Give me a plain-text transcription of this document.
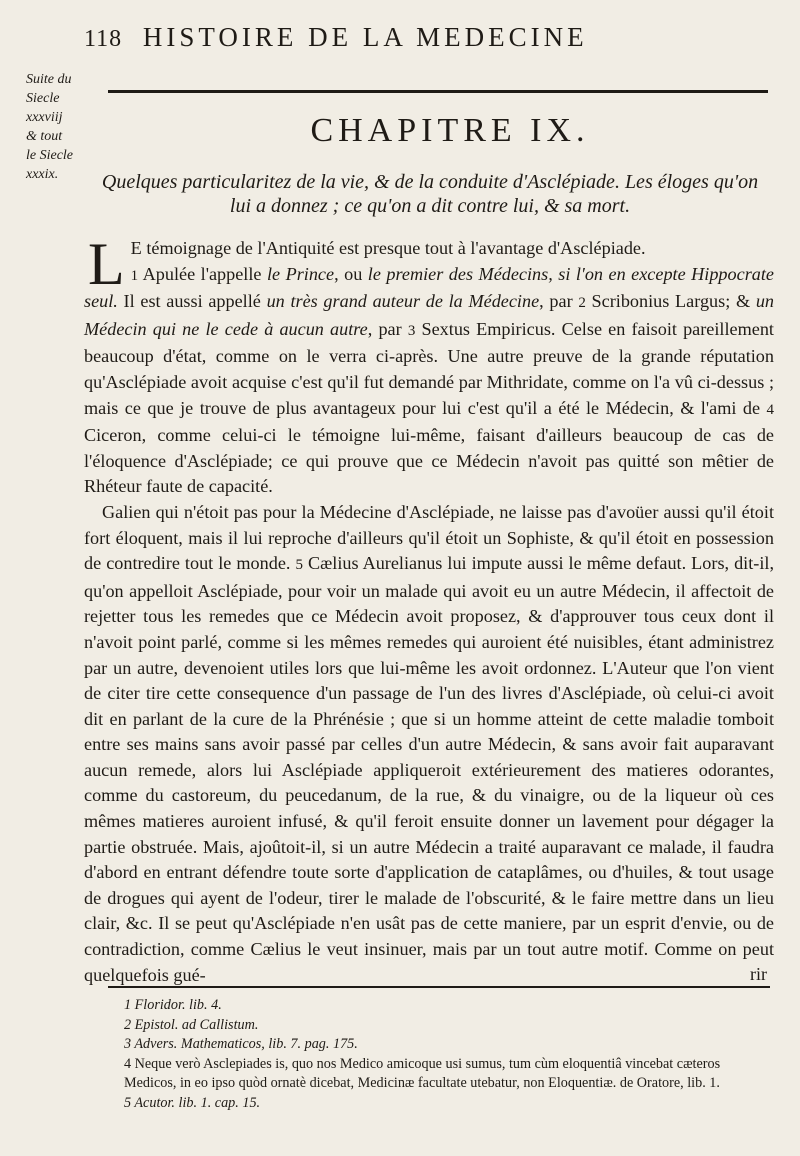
118 HISTOIRE DE LA MEDECINE
Suite du
Siecle
xxxviij
& tout
le Siecle
xxxix.
CHAPITRE IX.
Quelques particularitez de la vie, & de la conduite d'Asclépiade. Les éloges qu'on lui a donnez ; ce qu'on a dit contre lui, & sa mort.

L E témoignage de l'Antiquité est presque tout à l'avantage d'Asclépiade.
1 Apulée l'appelle le Prince, ou le premier des Médecins, si l'on en excepte Hippocrate seul. Il est aussi appellé un très grand auteur de la Médecine, par 2 Scribonius Largus; & un Médecin qui ne le cede à aucun autre, par 3 Sextus Empiricus. Celse en faisoit pareillement beaucoup d'état, comme on le verra ci-après. Une autre preuve de la grande réputation qu'Asclépiade avoit acquise c'est qu'il fut demandé par Mithridate, comme on l'a vû ci-dessus ; mais ce que je trouve de plus avantageux pour lui c'est qu'il a été le Médecin, & l'ami de 4 Ciceron, comme celui-ci le témoigne lui-même, faisant d'ailleurs beaucoup de cas de l'éloquence d'Asclépiade; ce qui prouve que ce Médecin n'avoit pas quitté son mêtier de Rhéteur faute de capacité.

Galien qui n'étoit pas pour la Médecine d'Asclépiade, ne laisse pas d'avoüer aussi qu'il étoit fort éloquent, mais il lui reproche d'ailleurs qu'il étoit un Sophiste, & qu'il étoit en possession de contredire tout le monde. 5 Cælius Aurelianus lui impute aussi le même defaut. Lors, dit-il, qu'on appelloit Asclépiade, pour voir un malade qui avoit eu un autre Médecin, il affectoit de rejetter tous les remedes que ce Médecin avoit proposez, & d'approuver tous ceux dont il n'avoit point parlé, comme si les mêmes remedes qui auroient été nuisibles, étant administrez par un autre, devenoient utiles lors que lui-même les avoit ordonnez. L'Auteur que l'on vient de citer tire cette consequence d'un passage de l'un des livres d'Asclépiade, où celui-ci avoit dit en parlant de la cure de la Phrénésie ; que si un homme atteint de cette maladie tomboit entre ses mains sans avoir passé par celles d'un autre Médecin, & sans avoir fait auparavant aucun remede, alors lui Asclépiade appliqueroit extérieurement des matieres odorantes, comme du castoreum, du peucedanum, de la rue, & du vinaigre, ou de la liqueur où ces mêmes matieres auroient infusé, & qu'il feroit ensuite donner un lavement pour dégager la partie obstruée. Mais, ajoûtoit-il, si un autre Médecin a traité auparavant ce malade, il faudra d'abord en entrant défendre toute sorte d'application de cataplâmes, ou d'huiles, & tout usage de drogues qui ayent de l'odeur, tirer le malade de l'obscurité, & le faire mettre dans un lieu clair, &c. Il se peut qu'Asclépiade n'en usât pas de cette maniere, par un esprit d'envie, ou de contradiction, comme Cælius le veut insinuer, mais par un tout autre motif. Comme on peut quelquefois gué-	rir

1 Floridor. lib. 4.

2 Epistol. ad Callistum.

3 Advers. Mathematicos, lib. 7. pag. 175.

4 Neque verò Asclepiades is, quo nos Medico amicoque usi sumus, tum cùm eloquentiâ vincebat cæteros Medicos, in eo ipso quòd ornatè dicebat, Medicinæ facultate utebatur, non Eloquentiæ. de Oratore, lib. 1.

5 Acutor. lib. 1. cap. 15.
